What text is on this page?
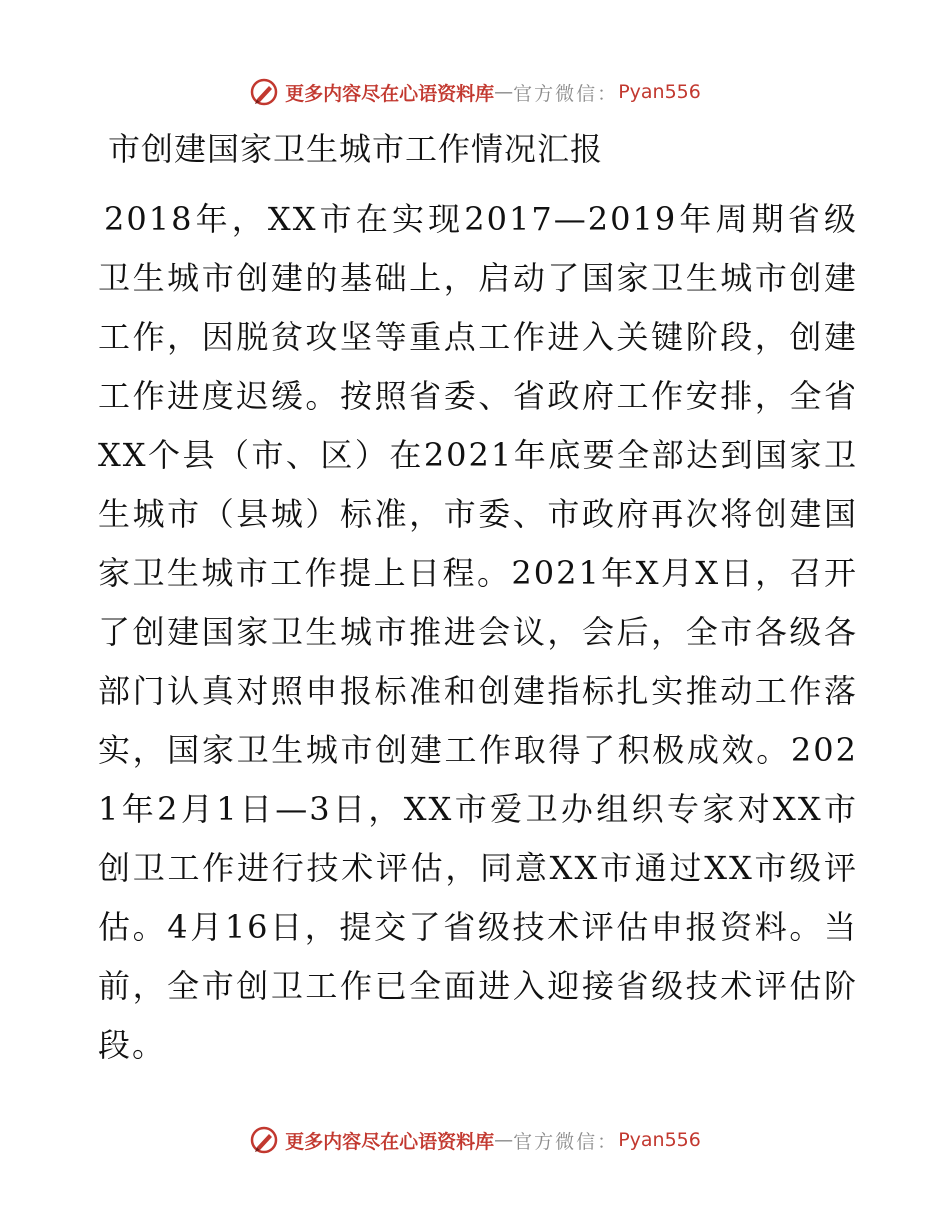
更多内容尽在心语资料库 — 官方微信： Pyan556
市创建国家卫生城市工作情况汇报

2018年，XX市在实现2017—2019年周期省级卫生城市创建的基础上，启动了国家卫生城市创建工作，因脱贫攻坚等重点工作进入关键阶段，创建工作进度迟缓。按照省委、省政府工作安排，全省XX个县（市、区）在2021年底要全部达到国家卫生城市（县城）标准，市委、市政府再次将创建国家卫生城市工作提上日程。2021年X月X日，召开了创建国家卫生城市推进会议，会后，全市各级各部门认真对照申报标准和创建指标扎实推动工作落实，国家卫生城市创建工作取得了积极成效。2021年2月1日—3日，XX市爱卫办组织专家对XX市创卫工作进行技术评估，同意XX市通过XX市级评估。4月16日，提交了省级技术评估申报资料。当前，全市创卫工作已全面进入迎接省级技术评估阶段。

更多内容尽在心语资料库 — 官方微信： Pyan556
